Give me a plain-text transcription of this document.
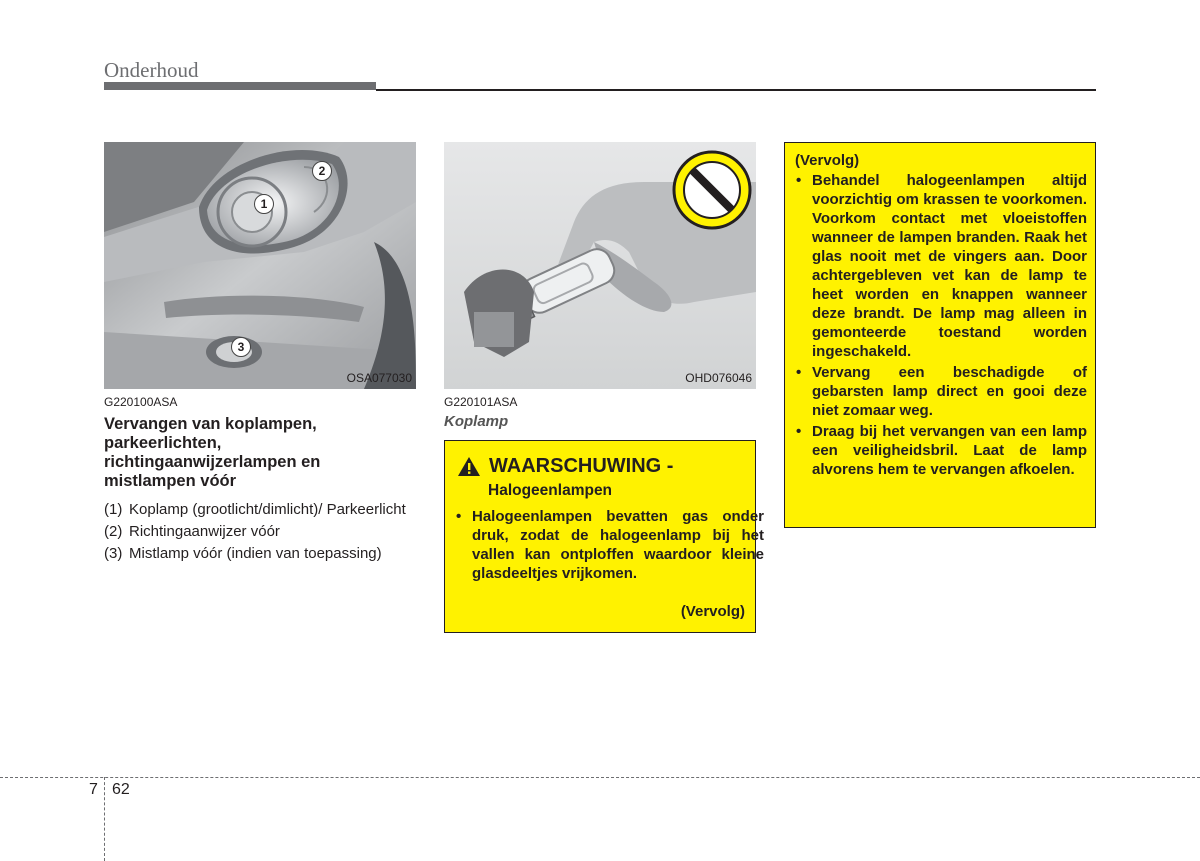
Onderhoud
1
2
3
OSA077030	OHD076046
G220100ASA
Vervangen van koplampen, parkeerlichten, richtingaanwijzerlampen en mistlampen vóór
(1) Koplamp (grootlicht/dimlicht)/ Parkeerlicht
(2) Richtingaanwijzer vóór
(3) Mistlamp vóór (indien van toepassing)
G220101ASA
Koplamp
WAARSCHUWING -
Halogeenlampen
• Halogeenlampen bevatten gas onder druk, zodat de halogeenlamp bij het vallen kan ontploffen waardoor kleine glasdeeltjes vrijkomen.
(Vervolg)
(Vervolg)
• Behandel halogeenlampen altijd voorzichtig om krassen te voorkomen. Voorkom contact met vloeistoffen wanneer de lampen branden. Raak het glas nooit met de vingers aan. Door achtergebleven vet kan de lamp te heet worden en knappen wanneer deze brandt. De lamp mag alleen in gemonteerde toestand worden ingeschakeld.
• Vervang een beschadigde of gebarsten lamp direct en gooi deze niet zomaar weg.
• Draag bij het vervangen van een lamp een veiligheidsbril. Laat de lamp alvorens hem te vervangen afkoelen.
7 62
